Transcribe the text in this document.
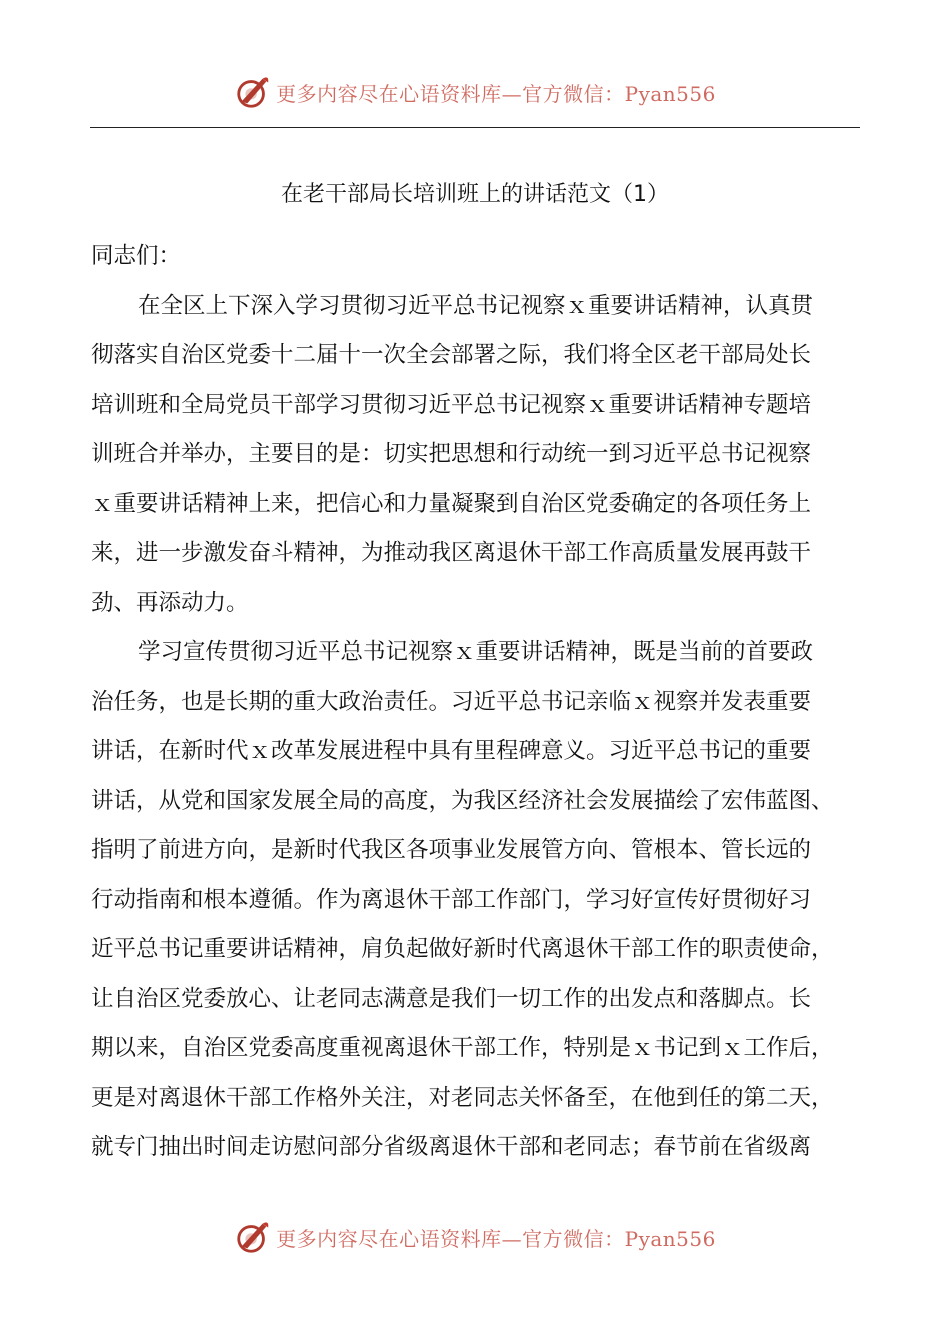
更多内容尽在心语资料库—官方微信：Pyan556
在老干部局长培训班上的讲话范文（1）
同志们：
在全区上下深入学习贯彻习近平总书记视察ｘ重要讲话精神，认真贯
彻落实自治区党委十二届十一次全会部署之际，我们将全区老干部局处长
培训班和全局党员干部学习贯彻习近平总书记视察ｘ重要讲话精神专题培
训班合并举办，主要目的是：切实把思想和行动统一到习近平总书记视察
ｘ重要讲话精神上来，把信心和力量凝聚到自治区党委确定的各项任务上
来，进一步激发奋斗精神，为推动我区离退休干部工作高质量发展再鼓干
劲、再添动力。
学习宣传贯彻习近平总书记视察ｘ重要讲话精神，既是当前的首要政
治任务，也是长期的重大政治责任。习近平总书记亲临ｘ视察并发表重要
讲话，在新时代ｘ改革发展进程中具有里程碑意义。习近平总书记的重要
讲话，从党和国家发展全局的高度，为我区经济社会发展描绘了宏伟蓝图、
指明了前进方向，是新时代我区各项事业发展管方向、管根本、管长远的
行动指南和根本遵循。作为离退休干部工作部门，学习好宣传好贯彻好习
近平总书记重要讲话精神，肩负起做好新时代离退休干部工作的职责使命，
让自治区党委放心、让老同志满意是我们一切工作的出发点和落脚点。长
期以来，自治区党委高度重视离退休干部工作，特别是ｘ书记到ｘ工作后，
更是对离退休干部工作格外关注，对老同志关怀备至，在他到任的第二天，
就专门抽出时间走访慰问部分省级离退休干部和老同志；春节前在省级离
更多内容尽在心语资料库—官方微信：Pyan556
